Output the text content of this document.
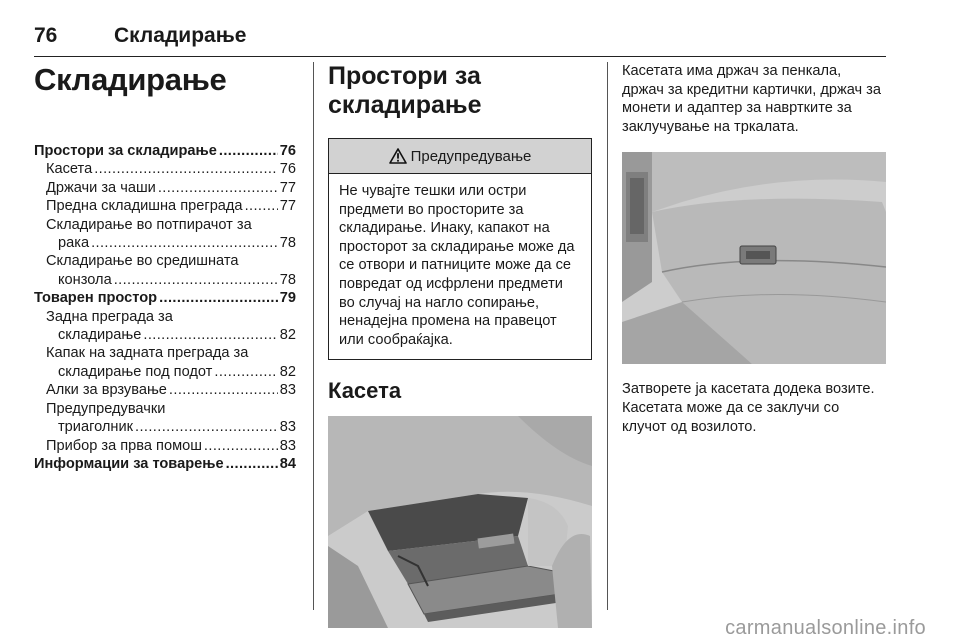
76	Складирање
Складирање
Простори за складирање .....	76
Касета .....	76
Држачи за чаши .....	77
Предна складишна преграда .....	77
Складирање во потпирачот за
рака .....	78
Складирање во средишната
конзола .....	78
Товарен простор .....	79
Задна преграда за
складирање .....	82
Капак на задната преграда за
складирање под подот .....	82
Алки за врзување .....	83
Предупредувачки
триаголник .....	83
Прибор за прва помош .....	83
Информации за товарење .....	84
Простори за
складирање
Предупредување
Не чувајте тешки или остри предмети во просторите за складирање. Инаку, капакот на просторот за складирање може да се отвори и патниците може да се повредат од исфрлени предмети во случај на нагло сопирање, ненадејна промена на правецот или сообраќајка.
Касета

Касетата има држач за пенкала, држач за кредитни картички, држач за монети и адаптер за навртките за заклучување на тркалата.

Затворете ја касетата додека возите. Касетата може да се заклучи со клучот од возилото.

carmanualsonline.info
